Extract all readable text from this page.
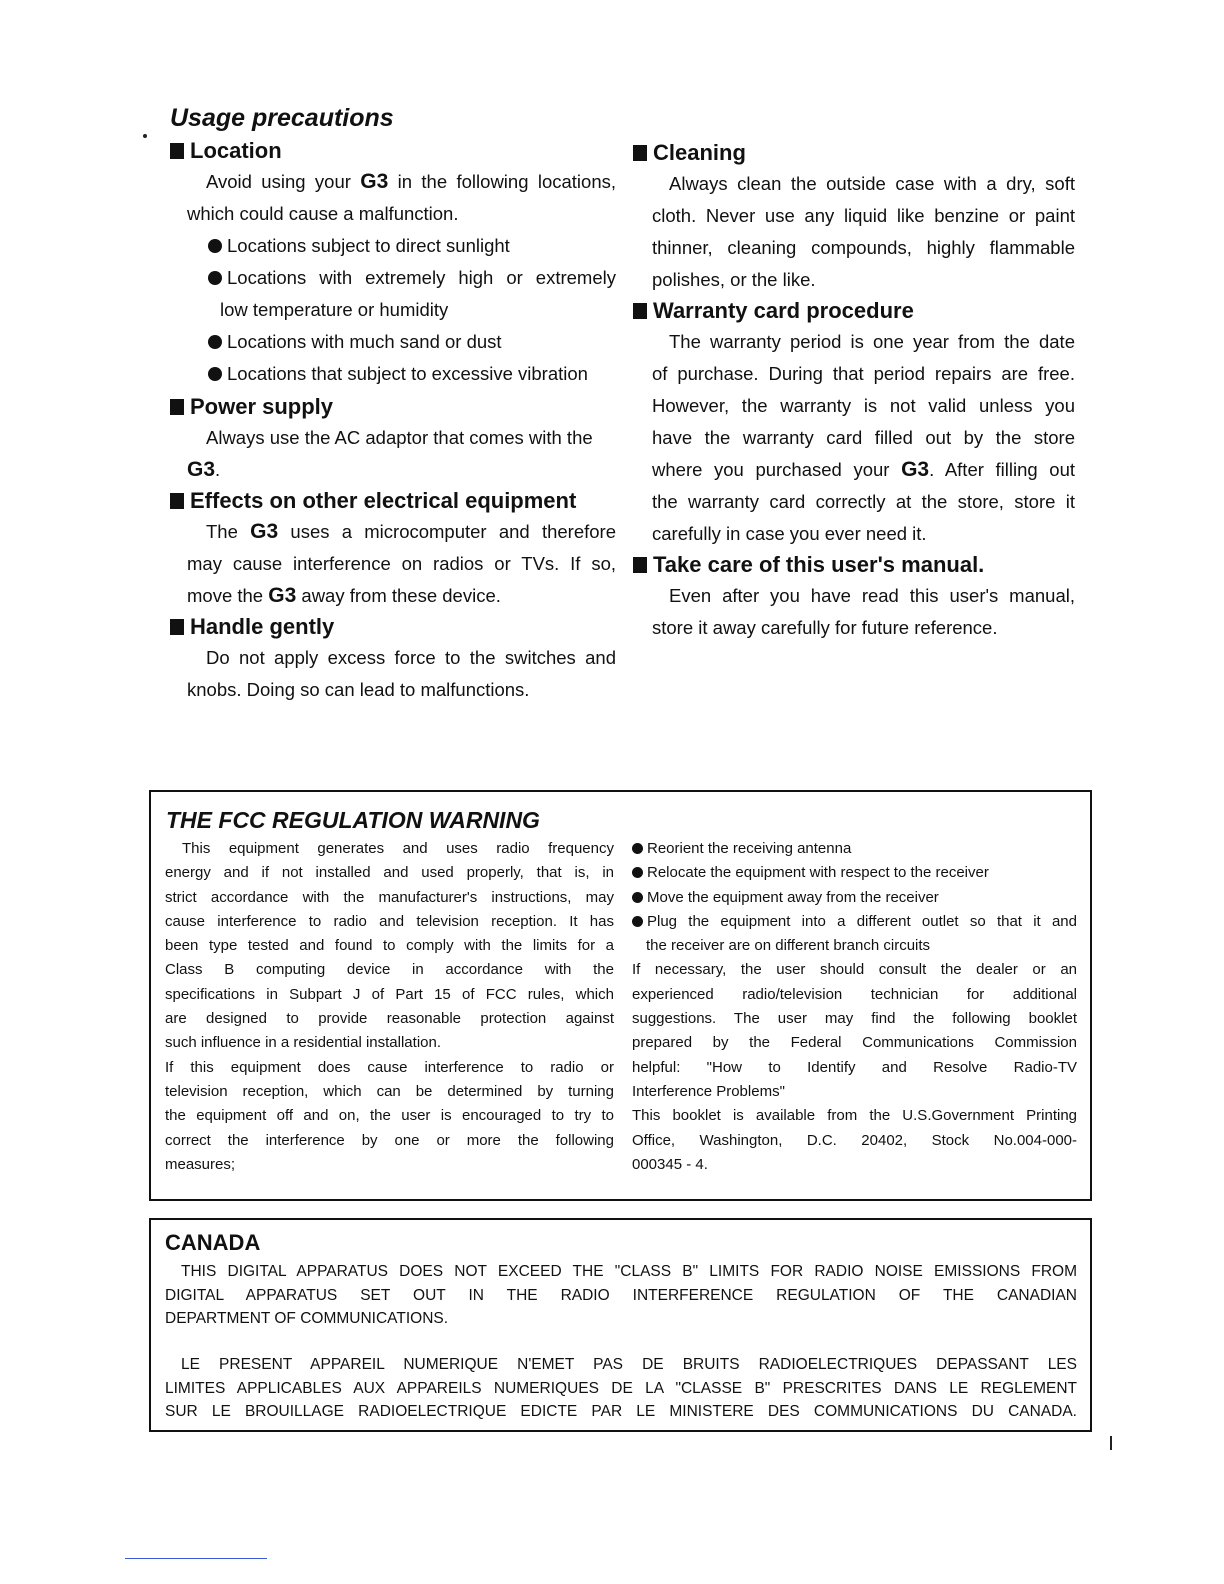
Usage precautions
Location
Avoid using your G3 in the following locations,
which could cause a malfunction.
Locations subject to direct sunlight
Locations with extremely high or extremely
low temperature or humidity
Locations with much sand or dust
Locations that subject to excessive vibration
Power supply
Always use the AC adaptor that comes with the
G3.
Effects on other electrical equipment
The G3 uses a microcomputer and therefore
may cause interference on radios or TVs. If so,
move the G3 away from these device.
Handle gently
Do not apply excess force to the switches and
knobs. Doing so can lead to malfunctions.
Cleaning
Always clean the outside case with a dry, soft
cloth. Never use any liquid like benzine or paint
thinner, cleaning compounds, highly flammable
polishes, or the like.
Warranty card procedure
The warranty period is one year from the date
of purchase. During that period repairs are free.
However, the warranty is not valid unless you
have the warranty card filled out by the store
where you purchased your G3. After filling out
the warranty card correctly at the store, store it
carefully in case you ever need it.
Take care of this user's manual.
Even after you have read this user's manual,
store it away carefully for future reference.
THE FCC REGULATION WARNING
This equipment generates and uses radio frequency
energy and if not installed and used properly, that is, in
strict accordance with the manufacturer's instructions, may
cause interference to radio and television reception. It has
been type tested and found to comply with the limits for a
Class B computing device in accordance with the
specifications in Subpart J of Part 15 of FCC rules, which
are designed to provide reasonable protection against
such influence in a residential installation.
If this equipment does cause interference to radio or
television reception, which can be determined by turning
the equipment off and on, the user is encouraged to try to
correct the interference by one or more the following
measures;
Reorient the receiving antenna
Relocate the equipment with respect to the receiver
Move the equipment away from the receiver
Plug the equipment into a different outlet so that it and
the receiver are on different branch circuits
If necessary, the user should consult the dealer or an
experienced radio/television technician for additional
suggestions. The user may find the following booklet
prepared by the Federal Communications Commission
helpful: "How to Identify and Resolve Radio-TV
Interference Problems"
This booklet is available from the U.S.Government Printing
Office, Washington, D.C. 20402, Stock No.004-000-
000345 - 4.
CANADA
THIS DIGITAL APPARATUS DOES NOT EXCEED THE "CLASS B" LIMITS FOR RADIO NOISE EMISSIONS FROM
DIGITAL APPARATUS SET OUT IN THE RADIO INTERFERENCE REGULATION OF THE CANADIAN
DEPARTMENT OF COMMUNICATIONS.
LE PRESENT APPAREIL NUMERIQUE N'EMET PAS DE BRUITS RADIOELECTRIQUES DEPASSANT LES
LIMITES APPLICABLES AUX APPAREILS NUMERIQUES DE LA "CLASSE B" PRESCRITES DANS LE REGLEMENT
SUR LE BROUILLAGE RADIOELECTRIQUE EDICTE PAR LE MINISTERE DES COMMUNICATIONS DU CANADA.
